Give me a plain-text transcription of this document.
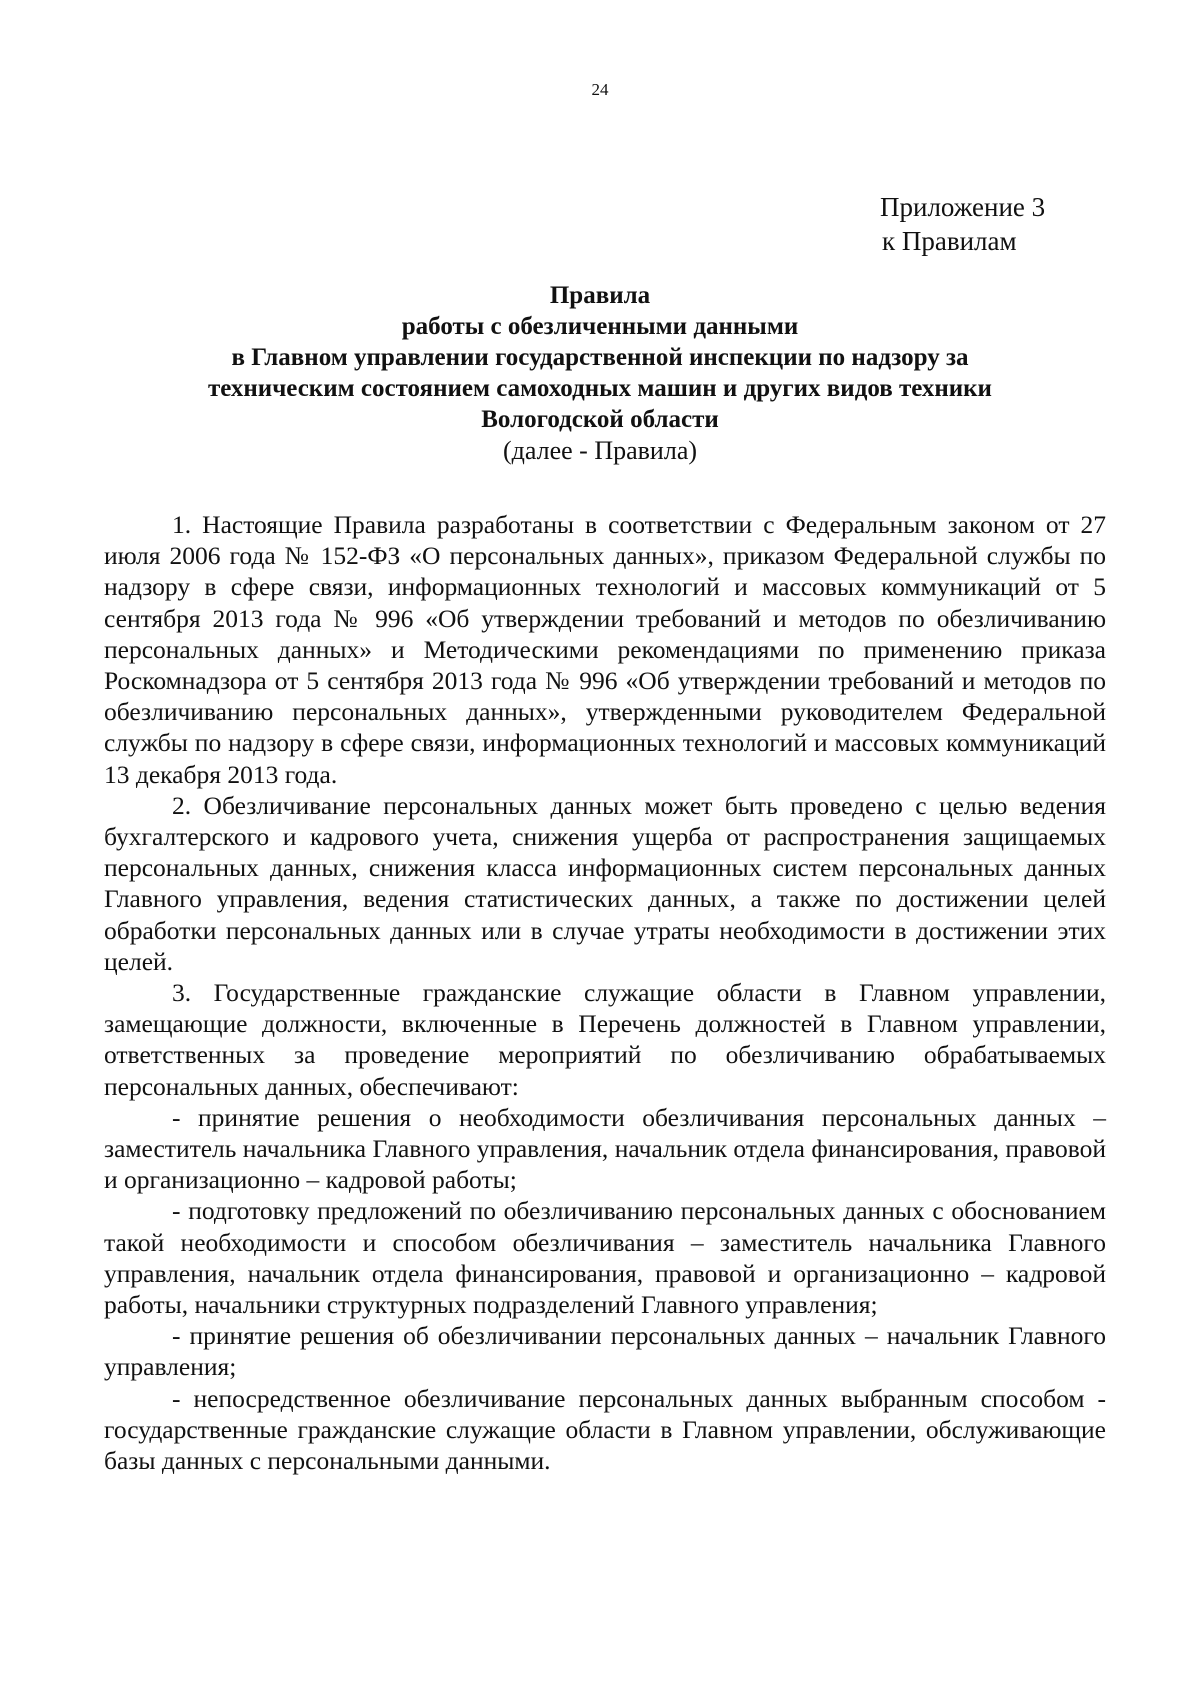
24
Приложение 3
к Правилам
Правила
работы с обезличенными данными
в Главном управлении государственной инспекции по надзору за
техническим состоянием самоходных машин и других видов техники
Вологодской области
(далее - Правила)

1. Настоящие Правила разработаны в соответствии с Федеральным законом от 27 июля 2006 года № 152-ФЗ «О персональных данных», приказом Федеральной службы по надзору в сфере связи, информационных технологий и массовых коммуникаций от 5 сентября 2013 года № 996 «Об утверждении требований и методов по обезличиванию персональных данных» и Методическими рекомендациями по применению приказа Роскомнадзора от 5 сентября 2013 года № 996 «Об утверждении требований и методов по обезличиванию персональных данных», утвержденными руководителем Федеральной службы по надзору в сфере связи, информационных технологий и массовых коммуникаций 13 декабря 2013 года.

2. Обезличивание персональных данных может быть проведено с целью ведения бухгалтерского и кадрового учета, снижения ущерба от распространения защищаемых персональных данных, снижения класса информационных систем персональных данных Главного управления, ведения статистических данных, а также по достижении целей обработки персональных данных или в случае утраты необходимости в достижении этих целей.

3. Государственные гражданские служащие области в Главном управлении, замещающие должности, включенные в Перечень должностей в Главном управлении, ответственных за проведение мероприятий по обезличиванию обрабатываемых персональных данных, обеспечивают:

- принятие решения о необходимости обезличивания персональных данных – заместитель начальника Главного управления, начальник отдела финансирования, правовой и организационно – кадровой работы;

- подготовку предложений по обезличиванию персональных данных с обоснованием такой необходимости и способом обезличивания – заместитель начальника Главного управления, начальник отдела финансирования, правовой и организационно – кадровой работы, начальники структурных подразделений Главного управления;

- принятие решения об обезличивании персональных данных – начальник Главного управления;

- непосредственное обезличивание персональных данных выбранным способом - государственные гражданские служащие области в Главном управлении, обслуживающие базы данных с персональными данными.
